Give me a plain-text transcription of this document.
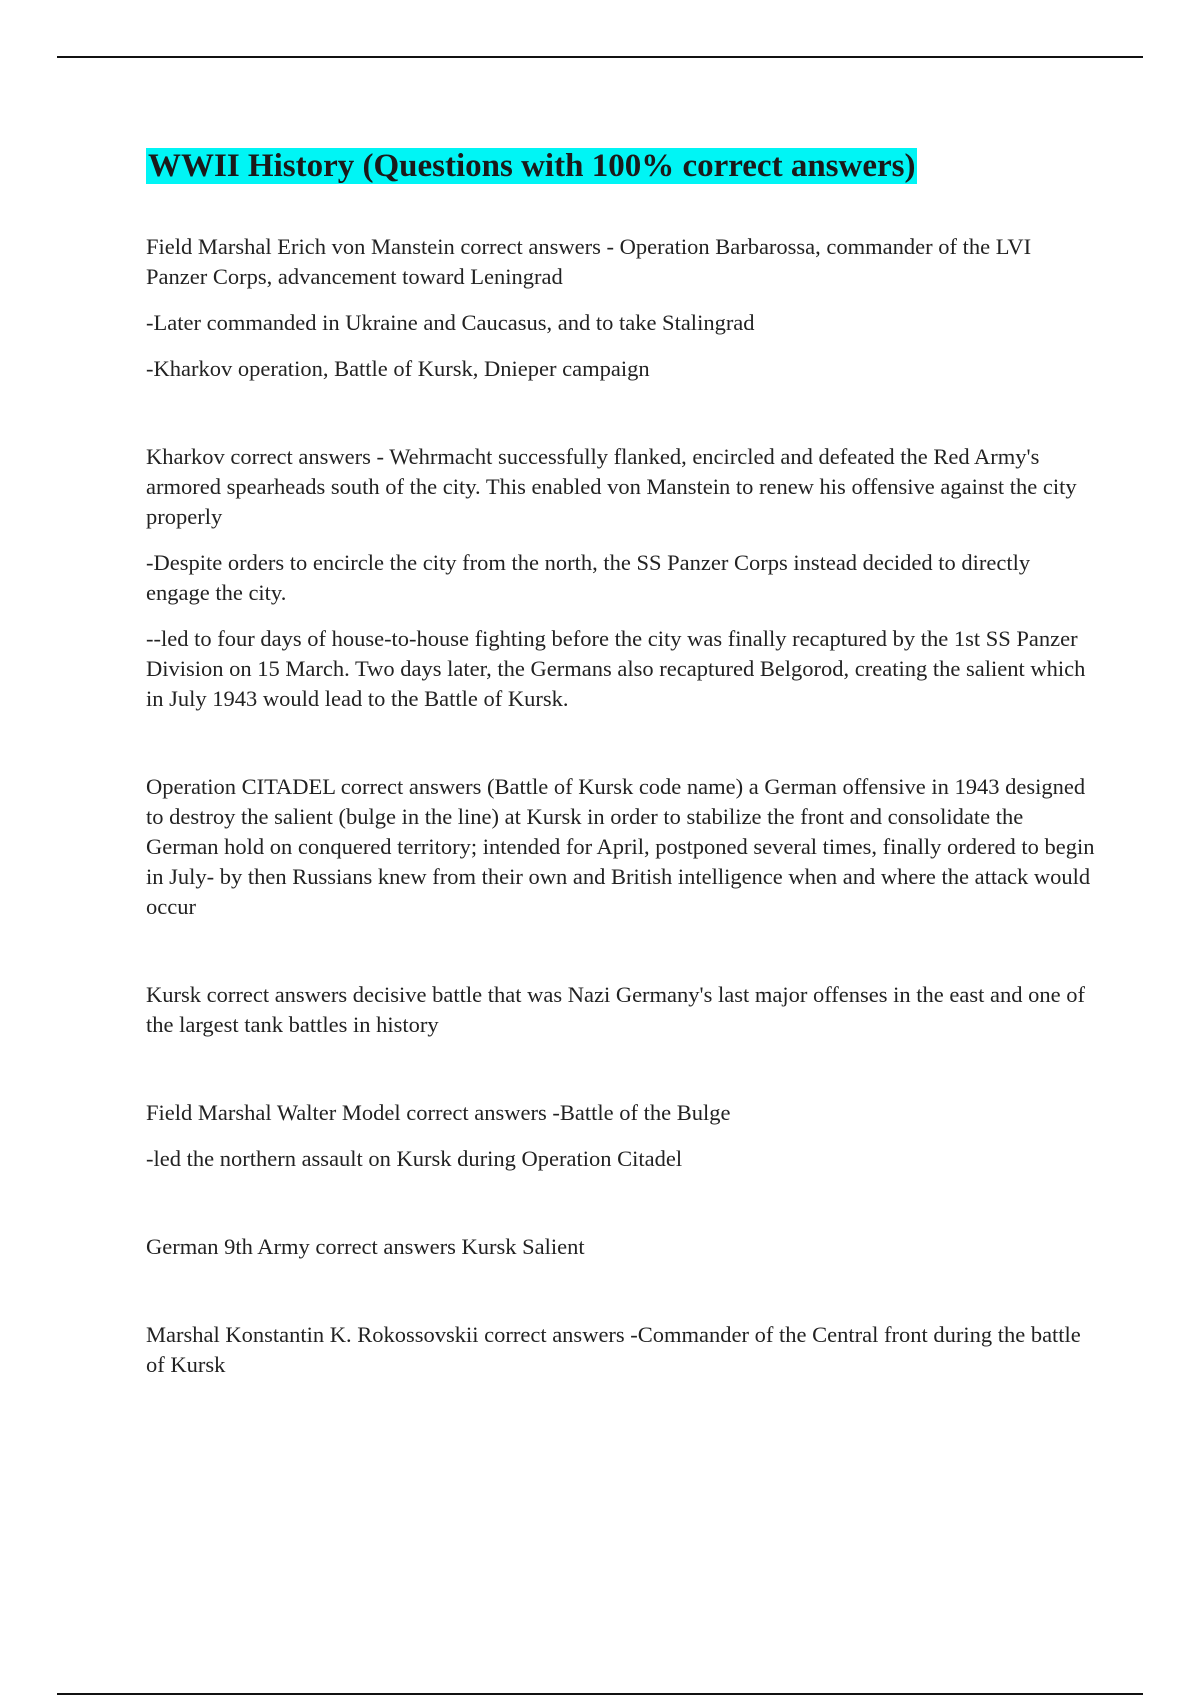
WWII History (Questions with 100% correct answers)
Field Marshal Erich von Manstein correct answers - Operation Barbarossa, commander of the LVI Panzer Corps, advancement toward Leningrad
-Later commanded in Ukraine and Caucasus, and to take Stalingrad
-Kharkov operation, Battle of Kursk, Dnieper campaign
Kharkov correct answers - Wehrmacht successfully flanked, encircled and defeated the Red Army's armored spearheads south of the city. This enabled von Manstein to renew his offensive against the city properly
-Despite orders to encircle the city from the north, the SS Panzer Corps instead decided to directly engage the city.
--led to four days of house-to-house fighting before the city was finally recaptured by the 1st SS Panzer Division on 15 March. Two days later, the Germans also recaptured Belgorod, creating the salient which in July 1943 would lead to the Battle of Kursk.
Operation CITADEL correct answers (Battle of Kursk code name) a German offensive in 1943 designed to destroy the salient (bulge in the line) at Kursk in order to stabilize the front and consolidate the German hold on conquered territory; intended for April, postponed several times, finally ordered to begin in July- by then Russians knew from their own and British intelligence when and where the attack would occur
Kursk correct answers decisive battle that was Nazi Germany's last major offenses in the east and one of the largest tank battles in history
Field Marshal Walter Model correct answers -Battle of the Bulge
-led the northern assault on Kursk during Operation Citadel
German 9th Army correct answers Kursk Salient
Marshal Konstantin K. Rokossovskii correct answers -Commander of the Central front during the battle of Kursk
